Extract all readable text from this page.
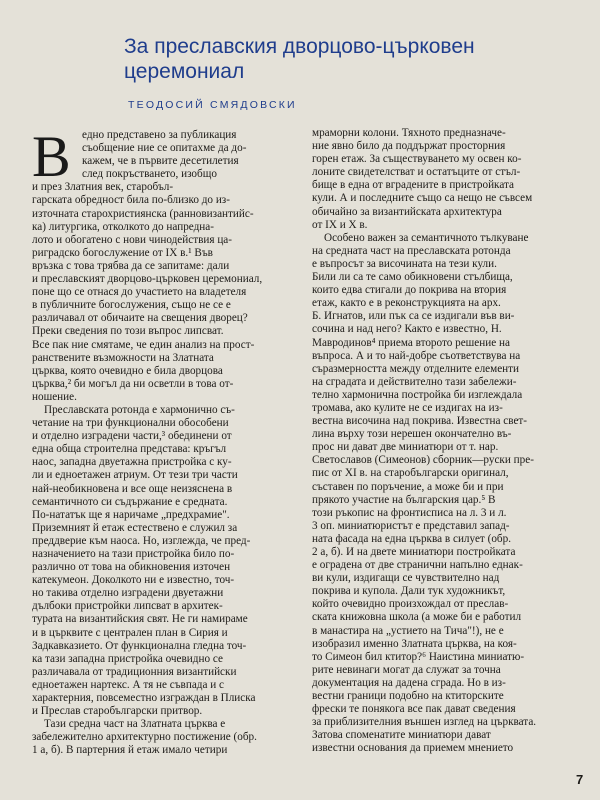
За преславския дворцово-църковен
церемониал
ТЕОДОСИЙ СМЯДОВСКИ
В	едно представено за публикация
съобщение ние се опитахме да до-
кажем, че в първите десетилетия
след покръстването, изобщо
и през Златния век, старобъл-
гарската обредност била по-близко до из-
източната старохристиянска (ранновизантийс-
ка) литургика, отколкото до напредна-
лото и обогатено с нови чинодействия ца-
риградско богослужение от IX в.¹ Във
връзка с това трябва да се запитаме: дали
и преславският дворцово-църковен церемониал,
поне що се отнася до участието на владетеля
в публичните богослужения, същo не се е
различавал от обичаите на свещения дворец?
Преки сведения по този въпрос липсват.
Все пак ние смятаме, че един анализ на прост-
ранствените възможности на Златната
църква, която очевидно е била дворцова
църква,² би могъл да ни осветли в това от-
ношение.
Преславската ротонда е хармонично съ-
четание на три функционални обособени
и отделно изградени части,³ обединени от
една обща строителна представа: кръгъл
наос, западна двуетажна пристройка с ку-
ли и еднoетажен атриум. От тези три части
най-необикновена и все още неизяснена в
семантичното си съдържание е средната.
По-нататък ще я наричаме „предхрамие".
Приземният й етаж естествено е служил за
преддверие към наоса. Но, изглежда, че пред-
назначението на тази пристройка било по-
различно от това на обикновения източен
катекумеон. Доколкото ни е известно, точ-
но такива отделно изградени двуетажни
дълбоки пристройки липсват в архитек-
турата на византийския свят. Не ги намираме
и в църквите с централен план в Сирия и
Задкавказието. От функционална гледна точ-
ка тази западна пристройка очевидно се
различавала от традиционния византийски
едноетажен нартекс. А тя не съвпада и с
характерния, повсеместно изграждан в Плиска
и Преслав старобългарски притвор.
Тази средна част на Златната църква е
забележително архитектурно постижение (обр.
1 а, б). В партерния й етаж имало четири
мраморни колони. Тяхното предназначе-
ние явно било да поддържат просторния
горен етаж. За съществуването му освен ко-
лоните свидетелстват и остатъците от стъл-
бище в една от вградените в пристройката
кули. А и последните също са нещо не съвсем
обичайно за византийската архитектура
от IX и X в.
Особено важен за семантичното тълкуване
на средната част на преславската ротонда
е въпросът за височината на тези кули.
Били ли са те само обикновени стълбища,
които едва стигали до покрива на втория
етаж, както е в реконструкцията на арх.
Б. Игнатов, или пък са се издигали във ви-
сочина и над него? Както е известно, Н.
Мавродинов⁴ приема второто решение на
въпроса. А и то най-добре съответствува на
съразмерността между отделните елементи
на сградата и действително тази забележи-
телно хармонична постройка би изглеждала
тромава, ако кулите не се издигах на из-
вестна височина над покрива. Известна свет-
лина върху този нерешен окончателно въ-
прос ни дават две миниатюри от т. нар.
Светославов (Симеонов) сборник—руски пре-
пис от XI в. на старобългарски оригинал,
съставен по поръчение, а може би и при
прякото участие на българския цар.⁵ В
този ръкопис на фронтисписа на л. 3 и л.
3 оп. миниатюристът е представил запад-
ната фасада на една църква в силует (обр.
2 а, б). И на двете миниатюри постройката
е оградена от две странични напълно еднак-
ви кули, издигащи се чувствително над
покрива и купола. Дали тук художникът,
който очевидно произхождал от преслав-
ската книжовна школа (а може би е работил
в манастира на „устието на Тича"!), не е
изобразил именно Златната църква, на коя-
то Симеон бил ктитор?⁶ Наистина миниатю-
рите невинаги могат да служат за точна
документация на дадена сграда. Но в из-
вестни граници подобно на ктиторските
фрески те понякога все пак дават сведения
за приблизителния външен изглед на църквата.
Затова споменатите миниатюри дават
известни основания да приемем мнението
7
